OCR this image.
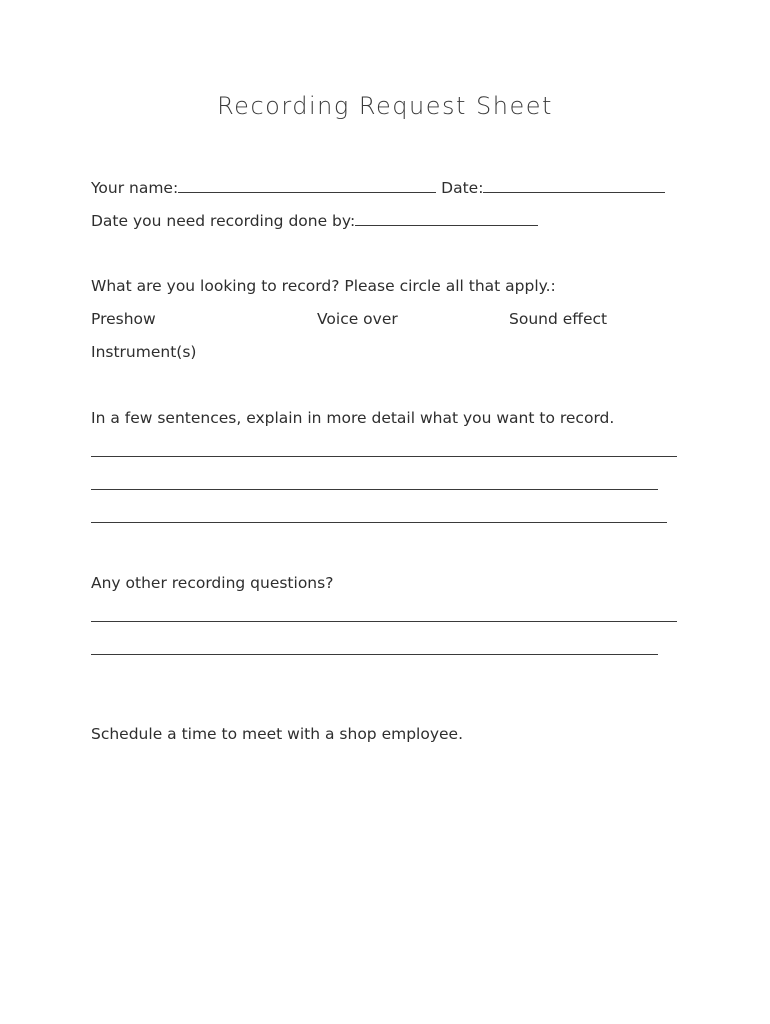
Recording Request Sheet
Your name:	Date:
Date you need recording done by:
What are you looking to record? Please circle all that apply.:
Preshow	Voice over	Sound effect
Instrument(s)
In a few sentences, explain in more detail what you want to record.
Any other recording questions?
Schedule a time to meet with a shop employee.
